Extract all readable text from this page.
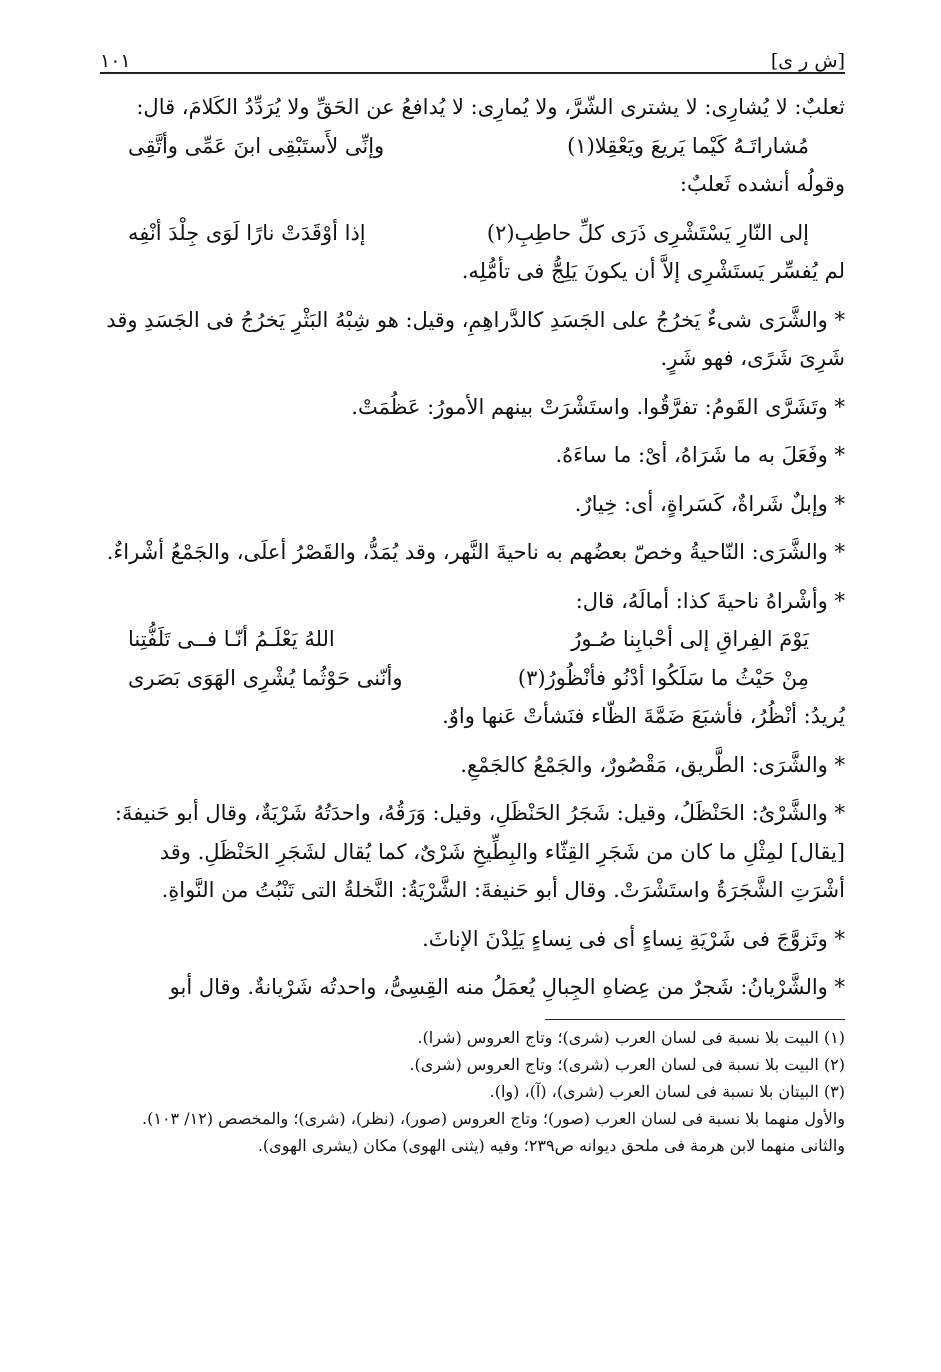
١٠١	[ش ر ى]

ثعلبٌ: لا يُشارِى: لا يشترى الشّرَّ، ولا يُمارِى: لا يُدافعُ عن الحَقِّ ولا يُرَدِّدُ الكَلامَ، قال:

مُشاراتَـهُ كَيْما يَريعَ ويَعْقِلا(١)
وإنِّى لأَستَبْقِى ابنَ عَمِّى وأتَّقِى

وقولُه أنشده ثَعلبٌ:

إلى النّارِ يَسْتَشْرِى ذَرَى كلِّ حاطِبِ(٢)
إذا أوْقَدَتْ نارًا لَوَى جِلْدَ أنْفِه

لم يُفسِّر يَستَشْرِى إلاَّ أن يكونَ يَلِجُّ فى تأمُّلِه.

* والشَّرَى شىءٌ يَخرُجُ على الجَسَدِ كالدَّراهِمِ، وقيل: هو شِبْهُ البَثْرِ يَخرُجُ فى الجَسَدِ وقد شَرِىَ شَرًى، فهو شَرٍ.

* وتَشَرَّى القَومُ: تفرَّقُوا. واستَشْرَتْ بينهم الأمورُ: عَظُمَتْ.

* وفَعَلَ به ما شَرَاهُ، أىْ: ما ساءَهُ.

* وإبلٌ شَراةٌ، كَسَراةٍ، أى: خِيارٌ.

* والشَّرَى: النّاحيةُ وخصّ بعضُهم به ناحيةَ النَّهر، وقد يُمَدُّ، والقَصْرُ أعلَى، والجَمْعُ أشْراءٌ.

* وأشْراهُ ناحيةَ كذا: أمالَهُ، قال:

يَوْمَ الفِراقِ إلى أحْبابِنا صُـورُ
اللهُ يَعْلَـمُ أنّـا فــى تَلَفُّتِنا
مِنْ حَيْثُ ما سَلَكُوا أدْنُو فأنْظُورُ(٣)
وأنّنى حَوْثُما يُشْرِى الهَوَى بَصَرى

يُريدُ: أنْظُرُ، فأشبَعَ ضَمَّةَ الظّاء فنَشأتْ عَنها واوٌ.

* والشَّرَى: الطَّريق، مَقْصُورٌ، والجَمْعُ كالجَمْعِ.

* والشَّرْىُ: الحَنْظَلُ، وقيل: شَجَرُ الحَنْظَلِ، وقيل: وَرَقُهُ، واحدَتُهُ شَرْيَةٌ، وقال أبو حَنيفةَ: [يقال] لمِثْلِ ما كان من شَجَرِ القِثّاء والبِطِّيخِ شَرْىٌ، كما يُقال لشَجَرِ الحَنْظَلِ. وقد أشْرَتِ الشَّجَرَةُ واستَشْرَتْ. وقال أبو حَنيفةَ: الشَّرْيَةُ: النَّخلةُ التى تَنْبُتُ من النَّواةِ.

* وتَزوَّجَ فى شَرْيَةِ نِساءٍ أى فى نِساءٍ يَلِدْنَ الإناثَ.

* والشَّرْيانُ: شَجرٌ من عِضاهِ الجِبالِ يُعمَلُ منه القِسِىُّ، واحدتُه شَرْيانةٌ. وقال أبو

(١) البيت بلا نسبة فى لسان العرب (شرى)؛ وتاج العروس (شرا).

(٢) البيت بلا نسبة فى لسان العرب (شرى)؛ وتاج العروس (شرى).

(٣) البيتان بلا نسبة فى لسان العرب (شرى)، (آ)، (وا).

والأول منهما بلا نسبة فى لسان العرب (صور)؛ وتاج العروس (صور)، (نظر)، (شرى)؛ والمخصص (١٢/ ١٠٣). والثانى منهما لابن هرمة فى ملحق ديوانه ص٢٣٩؛ وفيه (يثنى الهوى) مكان (يشرى الهوى).
